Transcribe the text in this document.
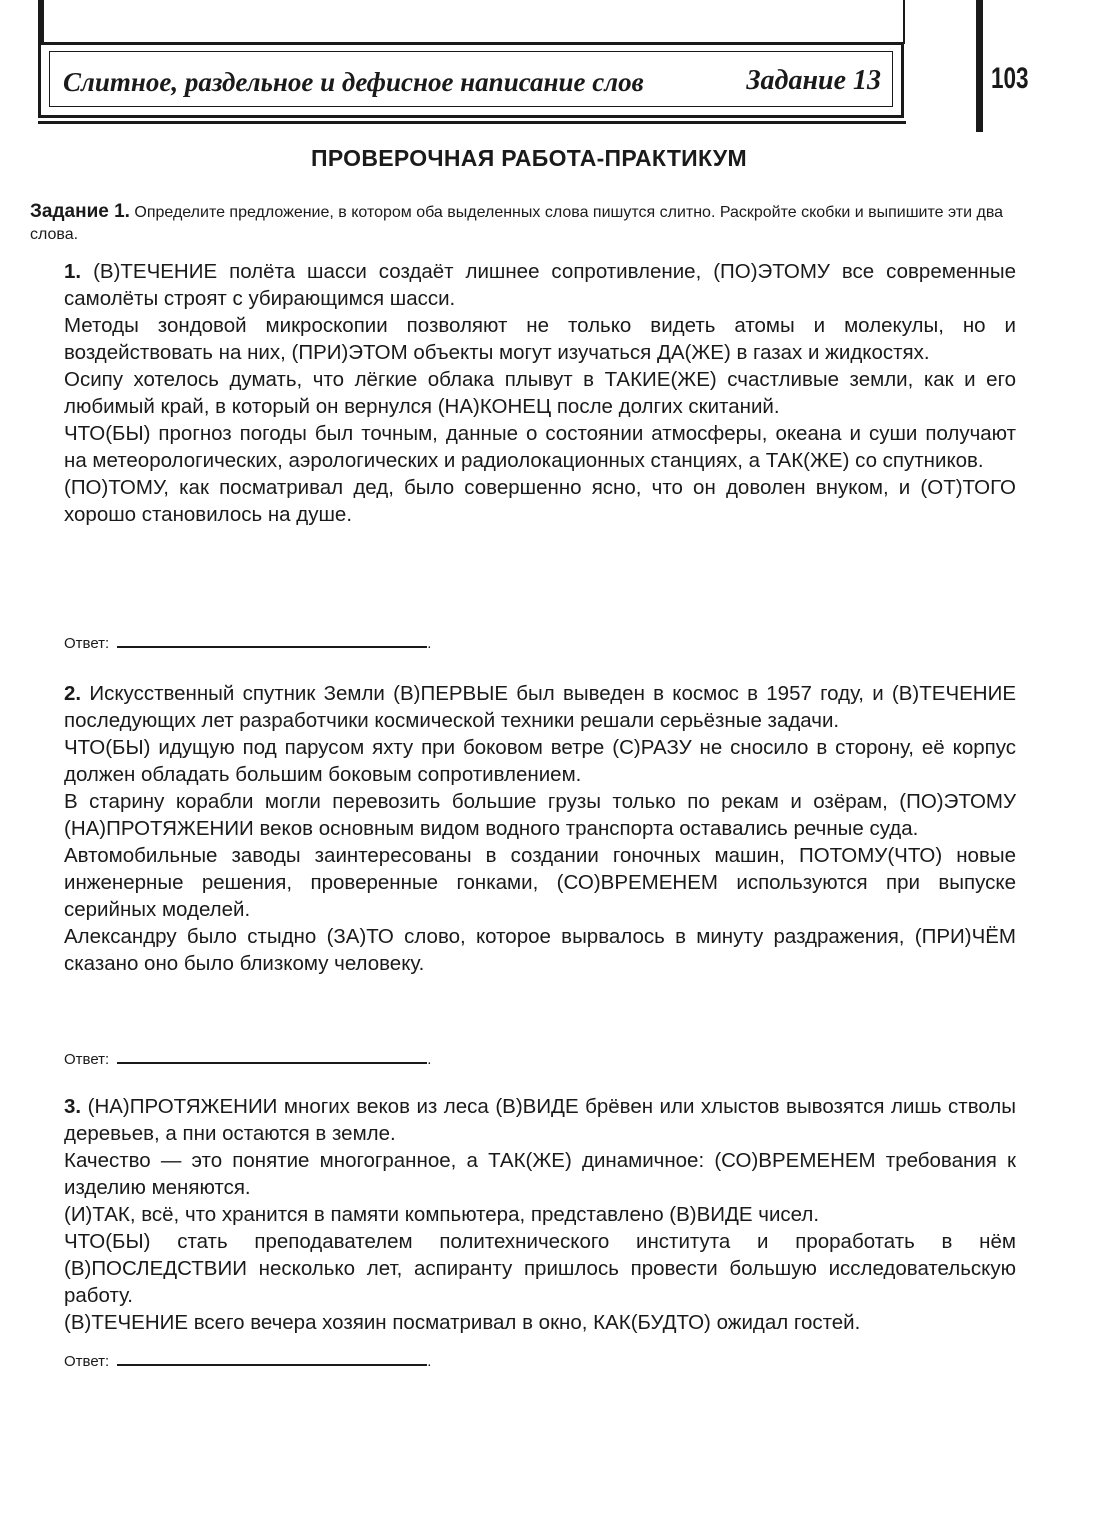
Слитное, раздельное и дефисное написание слов	Задание 13	103
ПРОВЕРОЧНАЯ РАБОТА-ПРАКТИКУМ
Задание 1. Определите предложение, в котором оба выделенных слова пишутся слитно. Раскройте скобки и выпишите эти два слова.

1. (В)ТЕЧЕНИЕ полёта шасси создаёт лишнее сопротивление, (ПО)ЭТОМУ все современные самолёты строят с убирающимся шасси.

Методы зондовой микроскопии позволяют не только видеть атомы и молекулы, но и воздействовать на них, (ПРИ)ЭТОМ объекты могут изучаться ДА(ЖЕ) в газах и жидкостях.

Осипу хотелось думать, что лёгкие облака плывут в ТАКИЕ(ЖЕ) счастливые земли, как и его любимый край, в который он вернулся (НА)КОНЕЦ после долгих скитаний.

ЧТО(БЫ) прогноз погоды был точным, данные о состоянии атмосферы, океана и суши получают на метеорологических, аэрологических и радиолокационных станциях, а ТАК(ЖЕ) со спутников.

(ПО)ТОМУ, как посматривал дед, было совершенно ясно, что он доволен внуком, и (ОТ)ТОГО хорошо становилось на душе.

Ответ:	.

2. Искусственный спутник Земли (В)ПЕРВЫЕ был выведен в космос в 1957 году, и (В)ТЕЧЕНИЕ последующих лет разработчики космической техники решали серьёзные задачи.

ЧТО(БЫ) идущую под парусом яхту при боковом ветре (С)РАЗУ не сносило в сторону, её корпус должен обладать большим боковым сопротивлением.

В старину корабли могли перевозить большие грузы только по рекам и озёрам, (ПО)ЭТОМУ (НА)ПРОТЯЖЕНИИ веков основным видом водного транспорта оставались речные суда.

Автомобильные заводы заинтересованы в создании гоночных машин, ПОТОМУ(ЧТО) новые инженерные решения, проверенные гонками, (СО)ВРЕМЕНЕМ используются при выпуске серийных моделей.

Александру было стыдно (ЗА)ТО слово, которое вырвалось в минуту раздражения, (ПРИ)ЧЁМ сказано оно было близкому человеку.

Ответ:	.

3. (НА)ПРОТЯЖЕНИИ многих веков из леса (В)ВИДЕ брёвен или хлыстов вывозятся лишь стволы деревьев, а пни остаются в земле.

Качество — это понятие многогранное, а ТАК(ЖЕ) динамичное: (СО)ВРЕМЕНЕМ требования к изделию меняются.

(И)ТАК, всё, что хранится в памяти компьютера, представлено (В)ВИДЕ чисел.

ЧТО(БЫ) стать преподавателем политехнического института и проработать в нём (В)ПОСЛЕДСТВИИ несколько лет, аспиранту пришлось провести большую исследовательскую работу.

(В)ТЕЧЕНИЕ всего вечера хозяин посматривал в окно, КАК(БУДТО) ожидал гостей.

Ответ:	.
